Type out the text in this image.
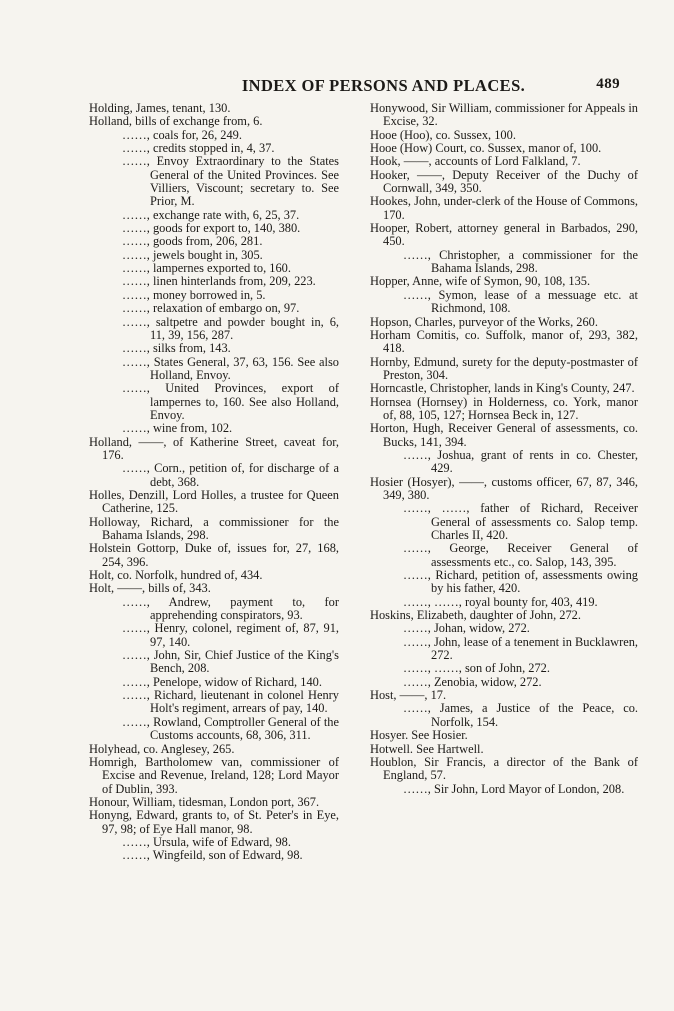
INDEX OF PERSONS AND PLACES.	489

Holding, James, tenant, 130.

Holland, bills of exchange from, 6.

……, coals for, 26, 249.

……, credits stopped in, 4, 37.

……, Envoy Extraordinary to the States General of the United Provinces. See Villiers, Viscount; secretary to. See Prior, M.

……, exchange rate with, 6, 25, 37.

……, goods for export to, 140, 380.

……, goods from, 206, 281.

……, jewels bought in, 305.

……, lampernes exported to, 160.

……, linen hinterlands from, 209, 223.

……, money borrowed in, 5.

……, relaxation of embargo on, 97.

……, saltpetre and powder bought in, 6, 11, 39, 156, 287.

……, silks from, 143.

……, States General, 37, 63, 156. See also Holland, Envoy.

……, United Provinces, export of lampernes to, 160. See also Holland, Envoy.

……, wine from, 102.

Holland, ——, of Katherine Street, caveat for, 176.

……, Corn., petition of, for discharge of a debt, 368.

Holles, Denzill, Lord Holles, a trustee for Queen Catherine, 125.

Holloway, Richard, a commissioner for the Bahama Islands, 298.

Holstein Gottorp, Duke of, issues for, 27, 168, 254, 396.

Holt, co. Norfolk, hundred of, 434.

Holt, ——, bills of, 343.

……, Andrew, payment to, for apprehending conspirators, 93.

……, Henry, colonel, regiment of, 87, 91, 97, 140.

……, John, Sir, Chief Justice of the King's Bench, 208.

……, Penelope, widow of Richard, 140.

……, Richard, lieutenant in colonel Henry Holt's regiment, arrears of pay, 140.

……, Rowland, Comptroller General of the Customs accounts, 68, 306, 311.

Holyhead, co. Anglesey, 265.

Homrigh, Bartholomew van, commissioner of Excise and Revenue, Ireland, 128; Lord Mayor of Dublin, 393.

Honour, William, tidesman, London port, 367.

Honyng, Edward, grants to, of St. Peter's in Eye, 97, 98; of Eye Hall manor, 98.

……, Ursula, wife of Edward, 98.

……, Wingfeild, son of Edward, 98.

Honywood, Sir William, commissioner for Appeals in Excise, 32.

Hooe (Hoo), co. Sussex, 100.

Hooe (How) Court, co. Sussex, manor of, 100.

Hook, ——, accounts of Lord Falkland, 7.

Hooker, ——, Deputy Receiver of the Duchy of Cornwall, 349, 350.

Hookes, John, under-clerk of the House of Commons, 170.

Hooper, Robert, attorney general in Barbados, 290, 450.

……, Christopher, a commissioner for the Bahama Islands, 298.

Hopper, Anne, wife of Symon, 90, 108, 135.

……, Symon, lease of a messuage etc. at Richmond, 108.

Hopson, Charles, purveyor of the Works, 260.

Horham Comitis, co. Suffolk, manor of, 293, 382, 418.

Hornby, Edmund, surety for the deputy-postmaster of Preston, 304.

Horncastle, Christopher, lands in King's County, 247.

Hornsea (Hornsey) in Holderness, co. York, manor of, 88, 105, 127; Hornsea Beck in, 127.

Horton, Hugh, Receiver General of assessments, co. Bucks, 141, 394.

……, Joshua, grant of rents in co. Chester, 429.

Hosier (Hosyer), ——, customs officer, 67, 87, 346, 349, 380.

……, ……, father of Richard, Receiver General of assessments co. Salop temp. Charles II, 420.

……, George, Receiver General of assessments etc., co. Salop, 143, 395.

……, Richard, petition of, assessments owing by his father, 420.

……, ……, royal bounty for, 403, 419.

Hoskins, Elizabeth, daughter of John, 272.

……, Johan, widow, 272.

……, John, lease of a tenement in Bucklawren, 272.

……, ……, son of John, 272.

……, Zenobia, widow, 272.

Host, ——, 17.

……, James, a Justice of the Peace, co. Norfolk, 154.

Hosyer. See Hosier.

Hotwell. See Hartwell.

Houblon, Sir Francis, a director of the Bank of England, 57.

……, Sir John, Lord Mayor of London, 208.
